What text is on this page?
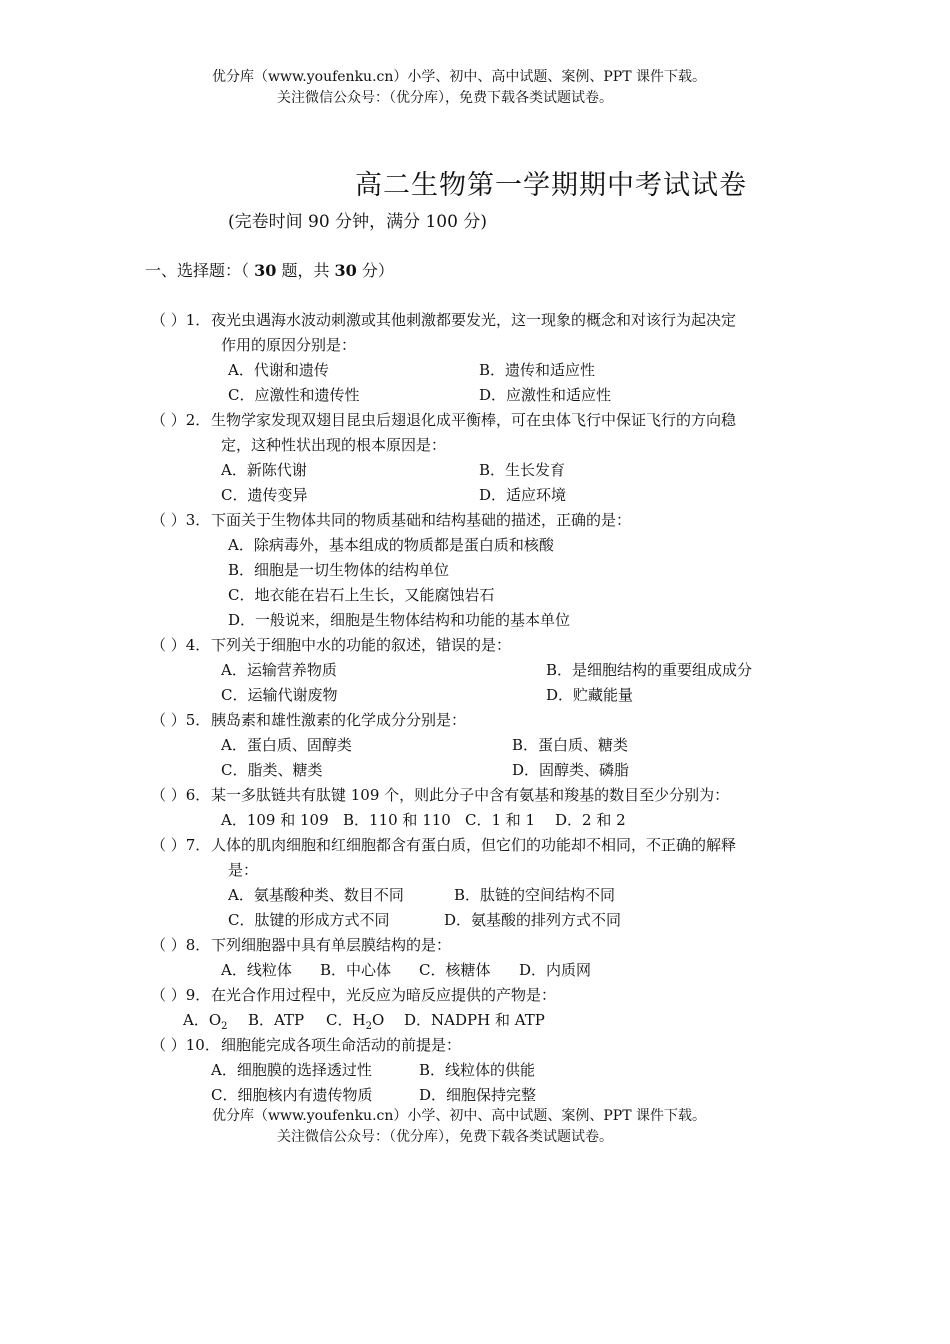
优分库（www.youfenku.cn）小学、初中、高中试题、案例、PPT 课件下载。
关注微信公众号：（优分库），免费下载各类试题试卷。
高二生物第一学期期中考试试卷
(完卷时间 90 分钟，满分 100 分)
一、选择题：（ 30 题，共 30 分）
（ ）1． 夜光虫遇海水波动刺激或其他刺激都要发光，这一现象的概念和对该行为起决定
作用的原因分别是：
A．代谢和遗传	B．遗传和适应性
C．应激性和遗传性	D．应激性和适应性
（ ）2． 生物学家发现双翅目昆虫后翅退化成平衡棒，可在虫体飞行中保证飞行的方向稳
定，这种性状出现的根本原因是：
A．新陈代谢	B．生长发育
C．遗传变异	D．适应环境
（ ）3． 下面关于生物体共同的物质基础和结构基础的描述，正确的是：
A．除病毒外，基本组成的物质都是蛋白质和核酸
B．细胞是一切生物体的结构单位
C．地衣能在岩石上生长，又能腐蚀岩石
D．一般说来，细胞是生物体结构和功能的基本单位
（ ）4． 下列关于细胞中水的功能的叙述，错误的是：
A．运输营养物质	B．是细胞结构的重要组成成分
C．运输代谢废物	D．贮藏能量
（ ）5． 胰岛素和雄性激素的化学成分分别是：
A．蛋白质、固醇类	B．蛋白质、糖类
C．脂类、糖类	D．固醇类、磷脂
（ ）6． 某一多肽链共有肽键 109 个，则此分子中含有氨基和羧基的数目至少分别为：
A．109 和 109 B．110 和 110 C．1 和 1 D．2 和 2
（ ）7． 人体的肌肉细胞和红细胞都含有蛋白质，但它们的功能却不相同，不正确的解释
是：
A．氨基酸种类、数目不同	B．肽链的空间结构不同
C．肽键的形成方式不同	D．氨基酸的排列方式不同
（ ）8． 下列细胞器中具有单层膜结构的是：
A．线粒体 B．中心体 C．核糖体 D．内质网
（ ）9． 在光合作用过程中，光反应为暗反应提供的产物是：
A．$O_2$ B．ATP C．$H_2O$ D．NADPH 和 ATP
（ ）10． 细胞能完成各项生命活动的前提是：
A．细胞膜的选择透过性	B．线粒体的供能
C．细胞核内有遗传物质	D．细胞保持完整
优分库（www.youfenku.cn）小学、初中、高中试题、案例、PPT 课件下载。
关注微信公众号：（优分库），免费下载各类试题试卷。
